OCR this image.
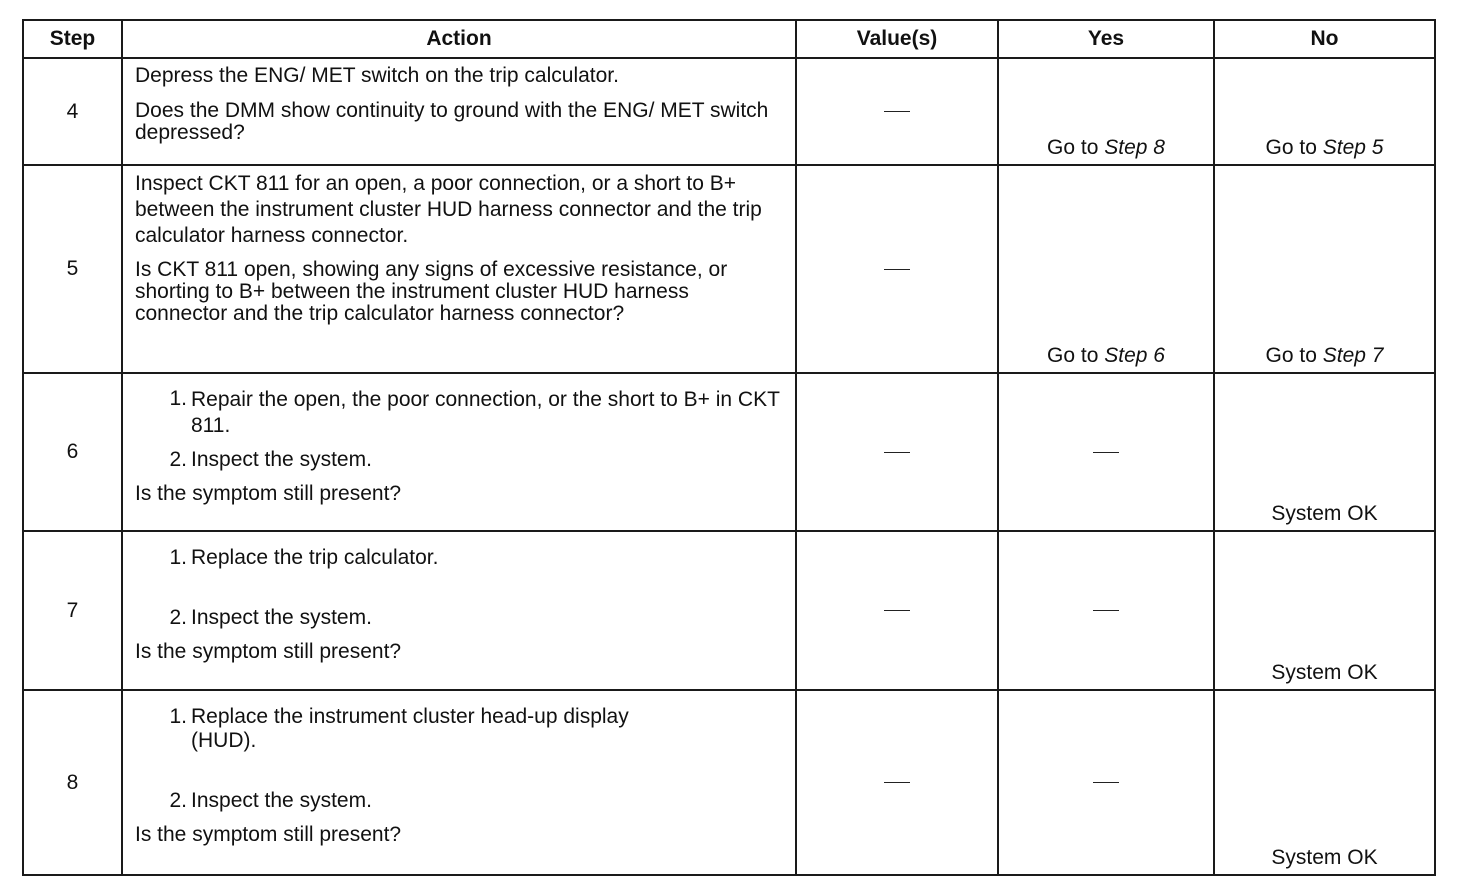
Step	Action	Value(s)	Yes	No
4	Depress the ENG/ MET switch on the trip calculator.

Does the DMM show continuity to ground with the ENG/ MET switch depressed?		Go to Step 8	Go to Step 5
5	Inspect CKT 811 for an open, a poor connection, or a short to B+ between the instrument cluster HUD harness connector and the trip calculator harness connector.

Is CKT 811 open, showing any signs of excessive resistance, or shorting to B+ between the instrument cluster HUD harness connector and the trip calculator harness connector?		Go to Step 6	Go to Step 7
6	1. Repair the open, the poor connection, or the short to B+ in CKT 811.
2. Inspect the system.

Is the symptom still present?			System OK
7	1. Replace the trip calculator.
2. Inspect the system.

Is the symptom still present?			System OK
8	1. Replace the instrument cluster head-up display (HUD).
2. Inspect the system.

Is the symptom still present?			System OK
